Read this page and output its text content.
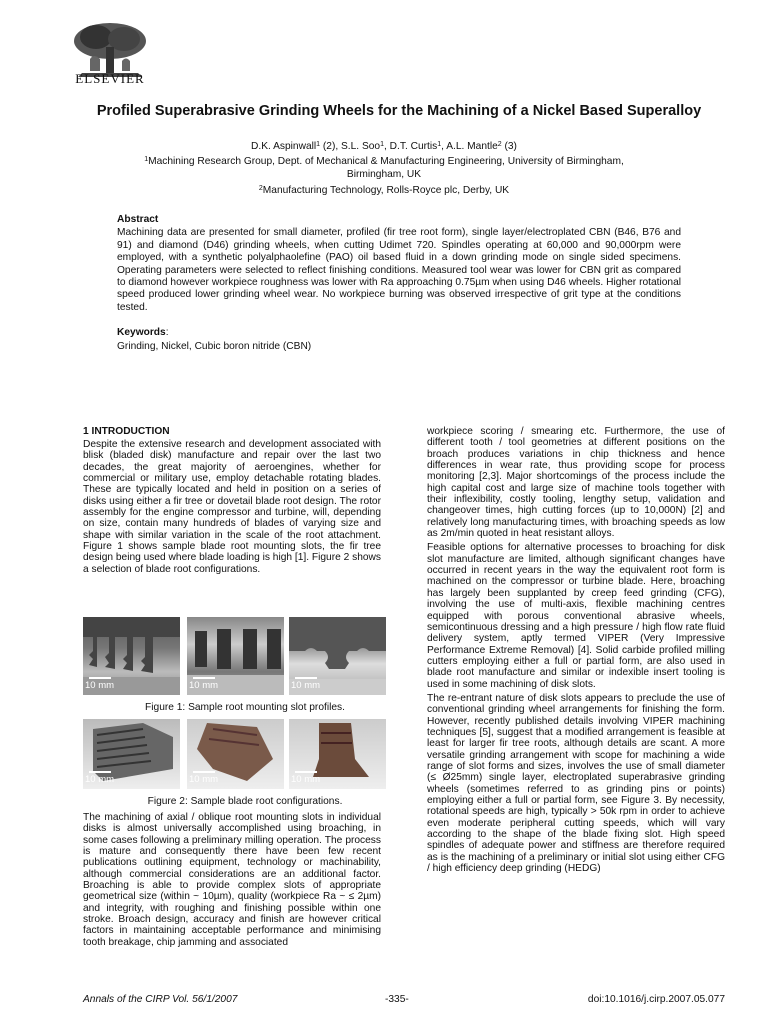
ELSEVIER
Profiled Superabrasive Grinding Wheels for the Machining of a Nickel Based Superalloy
D.K. Aspinwall$^1$ (2), S.L. Soo$^1$, D.T. Curtis$^1$, A.L. Mantle$^2$ (3)
$^1$Machining Research Group, Dept. of Mechanical & Manufacturing Engineering, University of Birmingham,
Birmingham, UK
$^2$Manufacturing Technology, Rolls-Royce plc, Derby, UK
Abstract

Machining data are presented for small diameter, profiled (fir tree root form), single layer/electroplated CBN (B46, B76 and 91) and diamond (D46) grinding wheels, when cutting Udimet 720. Spindles operating at 60,000 and 90,000rpm were employed, with a synthetic polyalphaolefine (PAO) oil based fluid in a down grinding mode on single sided specimens. Operating parameters were selected to reflect finishing conditions. Measured tool wear was lower for CBN grit as compared to diamond however workpiece roughness was lower with Ra approaching 0.75µm when using D46 wheels. Higher rotational speed produced lower grinding wheel wear. No workpiece burning was observed irrespective of grit type at the conditions tested.

Keywords:

Grinding, Nickel, Cubic boron nitride (CBN)

1 INTRODUCTION

Despite the extensive research and development associated with blisk (bladed disk) manufacture and repair over the last two decades, the great majority of aeroengines, whether for commercial or military use, employ detachable rotating blades. These are typically located and held in position on a series of disks using either a fir tree or dovetail blade root design. The rotor assembly for the engine compressor and turbine, will, depending on size, contain many hundreds of blades of varying size and shape with similar variation in the scale of the root attachment. Figure 1 shows sample blade root mounting slots, the fir tree design being used where blade loading is high [1]. Figure 2 shows a selection of blade root configurations.

10 mm	10 mm	10 mm
Figure 1: Sample root mounting slot profiles.
10 mm	10 mm	10 mm
Figure 2: Sample blade root configurations.

The machining of axial / oblique root mounting slots in individual disks is almost universally accomplished using broaching, in some cases following a preliminary milling operation. The process is mature and consequently there have been few recent publications outlining equipment, technology or machinability, although commercial considerations are an additional factor. Broaching is able to provide complex slots of appropriate geometrical size (within ~ 10µm), quality (workpiece Ra ~ ≤ 2µm) and integrity, with roughing and finishing possible within one stroke. Broach design, accuracy and finish are however critical factors in maintaining acceptable performance and minimising tooth breakage, chip jamming and associated

workpiece scoring / smearing etc. Furthermore, the use of different tooth / tool geometries at different positions on the broach produces variations in chip thickness and hence differences in wear rate, thus providing scope for process monitoring [2,3]. Major shortcomings of the process include the high capital cost and large size of machine tools together with their inflexibility, costly tooling, lengthy setup, validation and changeover times, high cutting forces (up to 10,000N) [2] and relatively long manufacturing times, with broaching speeds as low as 2m/min quoted in heat resistant alloys.

Feasible options for alternative processes to broaching for disk slot manufacture are limited, although significant changes have occurred in recent years in the way the equivalent root form is machined on the compressor or turbine blade. Here, broaching has largely been supplanted by creep feed grinding (CFG), involving the use of multi-axis, flexible machining centres equipped with porous conventional abrasive wheels, semicontinuous dressing and a high pressure / high flow rate fluid delivery system, aptly termed VIPER (Very Impressive Performance Extreme Removal) [4]. Solid carbide profiled milling cutters employing either a full or partial form, are also used in blade root manufacture and similar or indexible insert tooling is used in some machining of disk slots.

The re-entrant nature of disk slots appears to preclude the use of conventional grinding wheel arrangements for finishing the form. However, recently published details involving VIPER machining techniques [5], suggest that a modified arrangement is feasible at least for larger fir tree roots, although details are scant. A more versatile grinding arrangement with scope for machining a wide range of slot forms and sizes, involves the use of small diameter (≤ Ø25mm) single layer, electroplated superabrasive grinding wheels (sometimes referred to as grinding pins or points) employing either a full or partial form, see Figure 3. By necessity, rotational speeds are high, typically > 50k rpm in order to achieve even moderate peripheral cutting speeds, which will vary according to the shape of the blade fixing slot. High speed spindles of adequate power and stiffness are therefore required as is the machining of a preliminary or initial slot using either CFG / high efficiency deep grinding (HEDG)

Annals of the CIRP Vol. 56/1/2007	-335-	doi:10.1016/j.cirp.2007.05.077
